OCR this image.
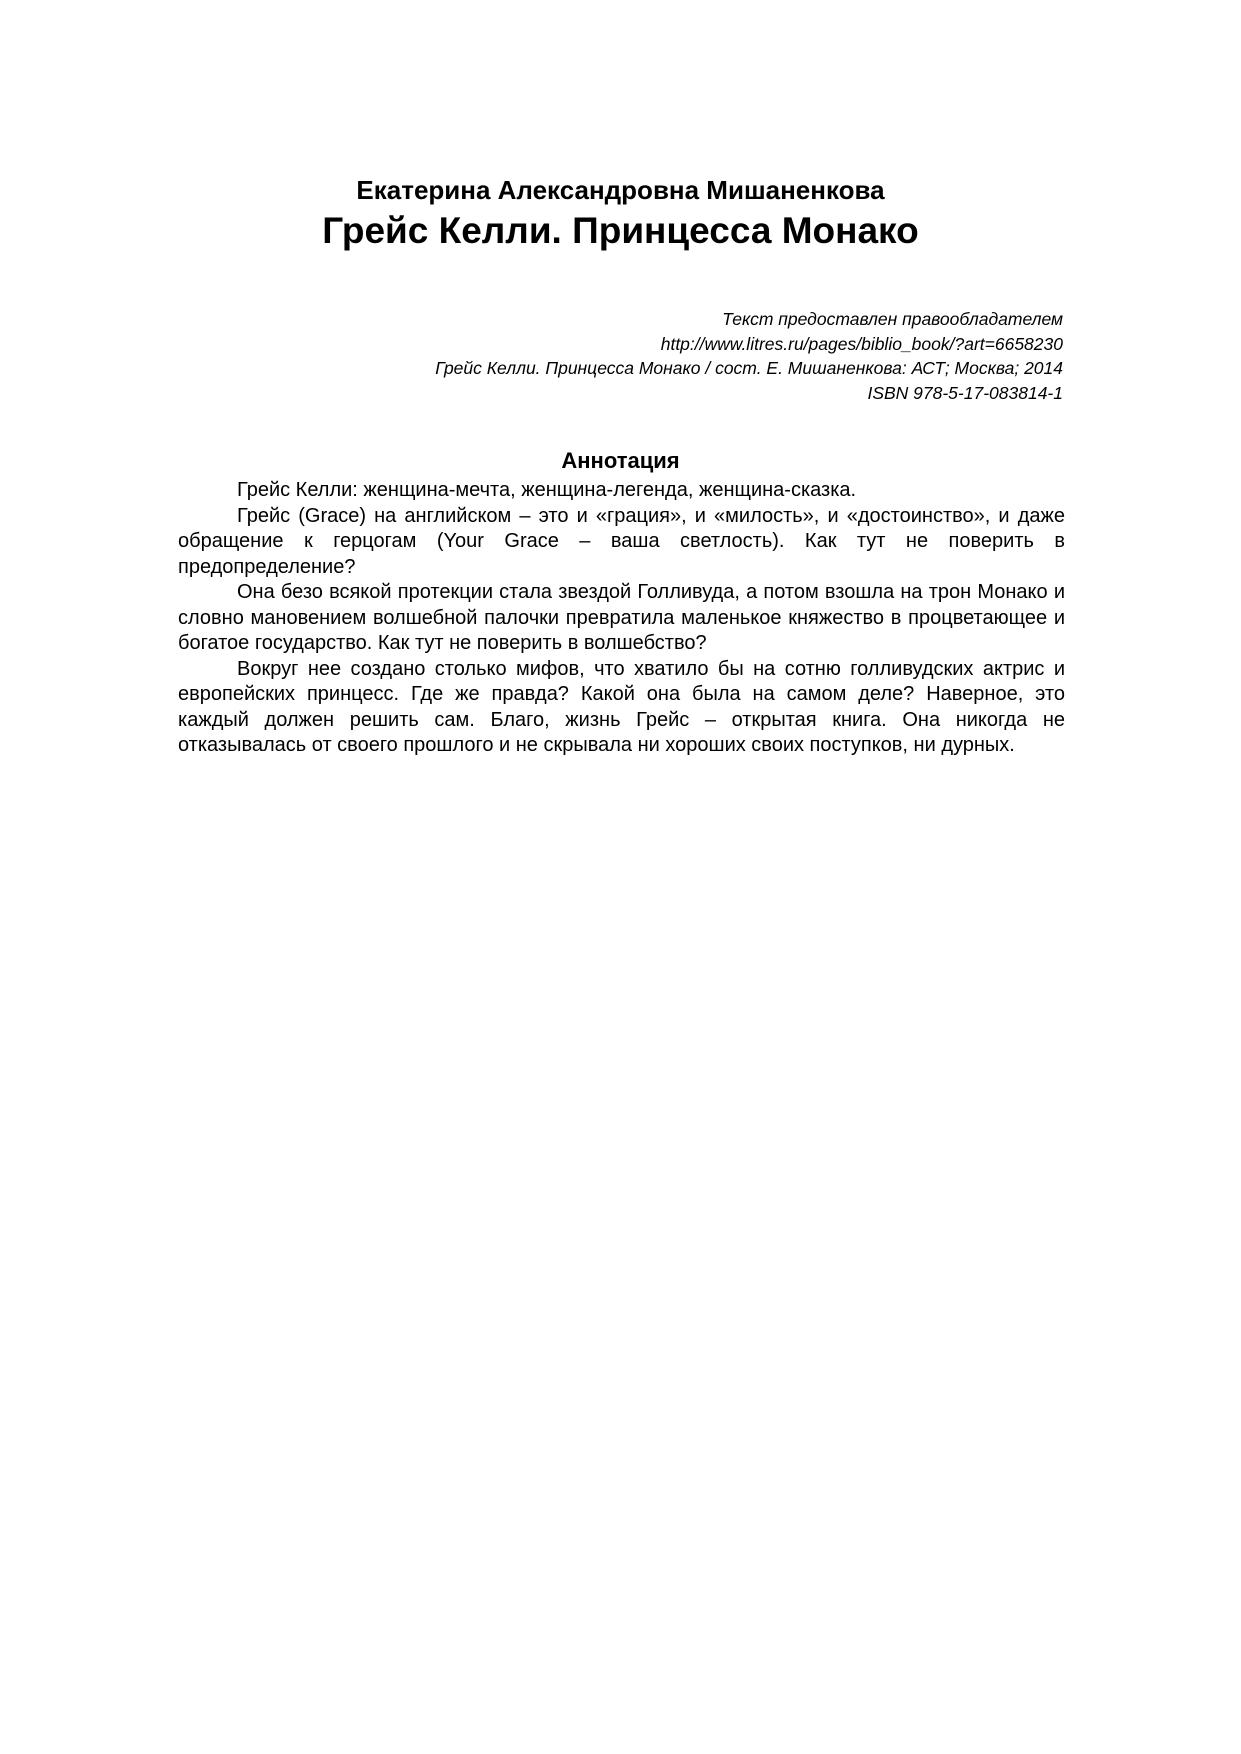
Екатерина Александровна Мишаненкова
Грейс Келли. Принцесса Монако
Текст предоставлен правообладателем
http://www.litres.ru/pages/biblio_book/?art=6658230
Грейс Келли. Принцесса Монако / сост. Е. Мишаненкова: АСТ; Москва; 2014
ISBN 978-5-17-083814-1
Аннотация

Грейс Келли: женщина-мечта, женщина-легенда, женщина-сказка.

Грейс (Grace) на английском – это и «грация», и «милость», и «достоинство», и даже обращение к герцогам (Your Grace – ваша светлость). Как тут не поверить в предопределение?

Она безо всякой протекции стала звездой Голливуда, а потом взошла на трон Монако и словно мановением волшебной палочки превратила маленькое княжество в процветающее и богатое государство. Как тут не поверить в волшебство?

Вокруг нее создано столько мифов, что хватило бы на сотню голливудских актрис и европейских принцесс. Где же правда? Какой она была на самом деле? Наверное, это каждый должен решить сам. Благо, жизнь Грейс – открытая книга. Она никогда не отказывалась от своего прошлого и не скрывала ни хороших своих поступков, ни дурных.
